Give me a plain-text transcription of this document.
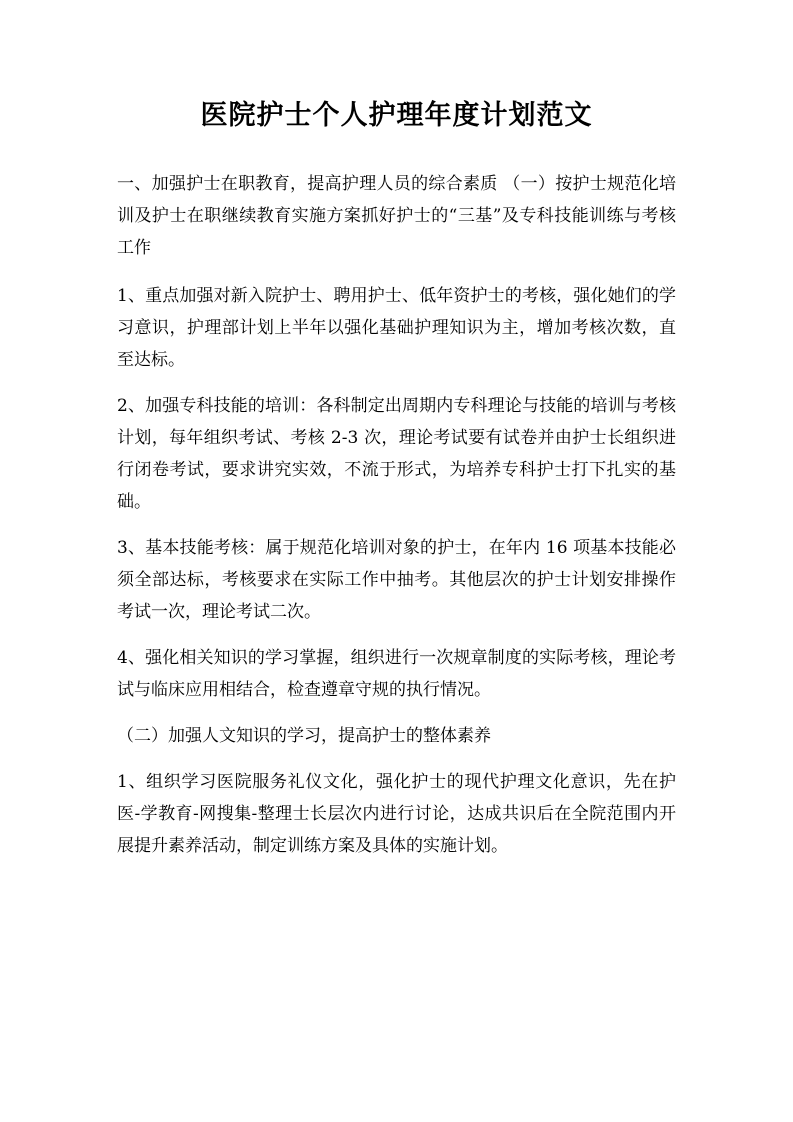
医院护士个人护理年度计划范文

一、加强护士在职教育，提高护理人员的综合素质 （一）按护士规范化培训及护士在职继续教育实施方案抓好护士的“三基”及专科技能训练与考核工作

1、重点加强对新入院护士、聘用护士、低年资护士的考核，强化她们的学习意识，护理部计划上半年以强化基础护理知识为主，增加考核次数，直至达标。

2、加强专科技能的培训：各科制定出周期内专科理论与技能的培训与考核计划，每年组织考试、考核 2-3 次，理论考试要有试卷并由护士长组织进行闭卷考试，要求讲究实效，不流于形式，为培养专科护士打下扎实的基础。

3、基本技能考核：属于规范化培训对象的护士，在年内 16 项基本技能必须全部达标，考核要求在实际工作中抽考。其他层次的护士计划安排操作考试一次，理论考试二次。

4、强化相关知识的学习掌握，组织进行一次规章制度的实际考核，理论考试与临床应用相结合，检查遵章守规的执行情况。

（二）加强人文知识的学习，提高护士的整体素养

1、组织学习医院服务礼仪文化，强化护士的现代护理文化意识，先在护医-学教育-网搜集-整理士长层次内进行讨论，达成共识后在全院范围内开展提升素养活动，制定训练方案及具体的实施计划。
